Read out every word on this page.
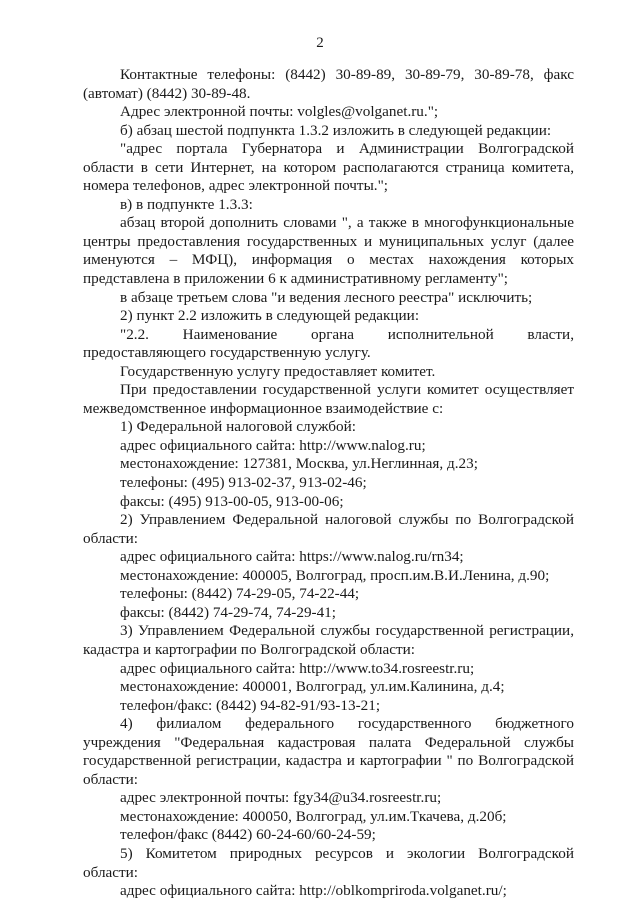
2

Контактные телефоны: (8442) 30-89-89, 30-89-79, 30-89-78, факс (автомат) (8442) 30-89-48.

Адрес электронной почты: volgles@volganet.ru.";

б) абзац шестой подпункта 1.3.2 изложить в следующей редакции:

"адрес портала Губернатора и Администрации Волгоградской области в сети Интернет, на котором располагаются страница комитета, номера телефонов, адрес электронной почты.";

в) в подпункте 1.3.3:

абзац второй дополнить словами ", а также в многофункциональные центры предоставления государственных и муниципальных услуг (далее именуются – МФЦ), информация о местах нахождения которых представлена в приложении 6 к административному регламенту";

в абзаце третьем слова "и ведения лесного реестра" исключить;

2) пункт 2.2 изложить в следующей редакции:

"2.2. Наименование органа исполнительной власти, предоставляющего государственную услугу.

Государственную услугу предоставляет комитет.

При предоставлении государственной услуги комитет осуществляет межведомственное информационное взаимодействие с:

1) Федеральной налоговой службой:

адрес официального сайта: http://www.nalog.ru;

местонахождение: 127381, Москва, ул.Неглинная, д.23;

телефоны: (495) 913-02-37, 913-02-46;

факсы: (495) 913-00-05, 913-00-06;

2) Управлением Федеральной налоговой службы по Волгоградской области:

адрес официального сайта: https://www.nalog.ru/rn34;

местонахождение: 400005, Волгоград, просп.им.В.И.Ленина, д.90;

телефоны: (8442) 74-29-05, 74-22-44;

факсы: (8442) 74-29-74, 74-29-41;

3) Управлением Федеральной службы государственной регистрации, кадастра и картографии по Волгоградской области:

адрес официального сайта: http://www.to34.rosreestr.ru;

местонахождение: 400001, Волгоград, ул.им.Калинина, д.4;

телефон/факс: (8442) 94-82-91/93-13-21;

4) филиалом федерального государственного бюджетного учреждения "Федеральная кадастровая палата Федеральной службы государственной регистрации, кадастра и картографии " по Волгоградской области:

адрес электронной почты: fgy34@u34.rosreestr.ru;

местонахождение: 400050, Волгоград, ул.им.Ткачева, д.20б;

телефон/факс (8442) 60-24-60/60-24-59;

5) Комитетом природных ресурсов и экологии Волгоградской области:

адрес официального сайта: http://oblkompriroda.volganet.ru/;
